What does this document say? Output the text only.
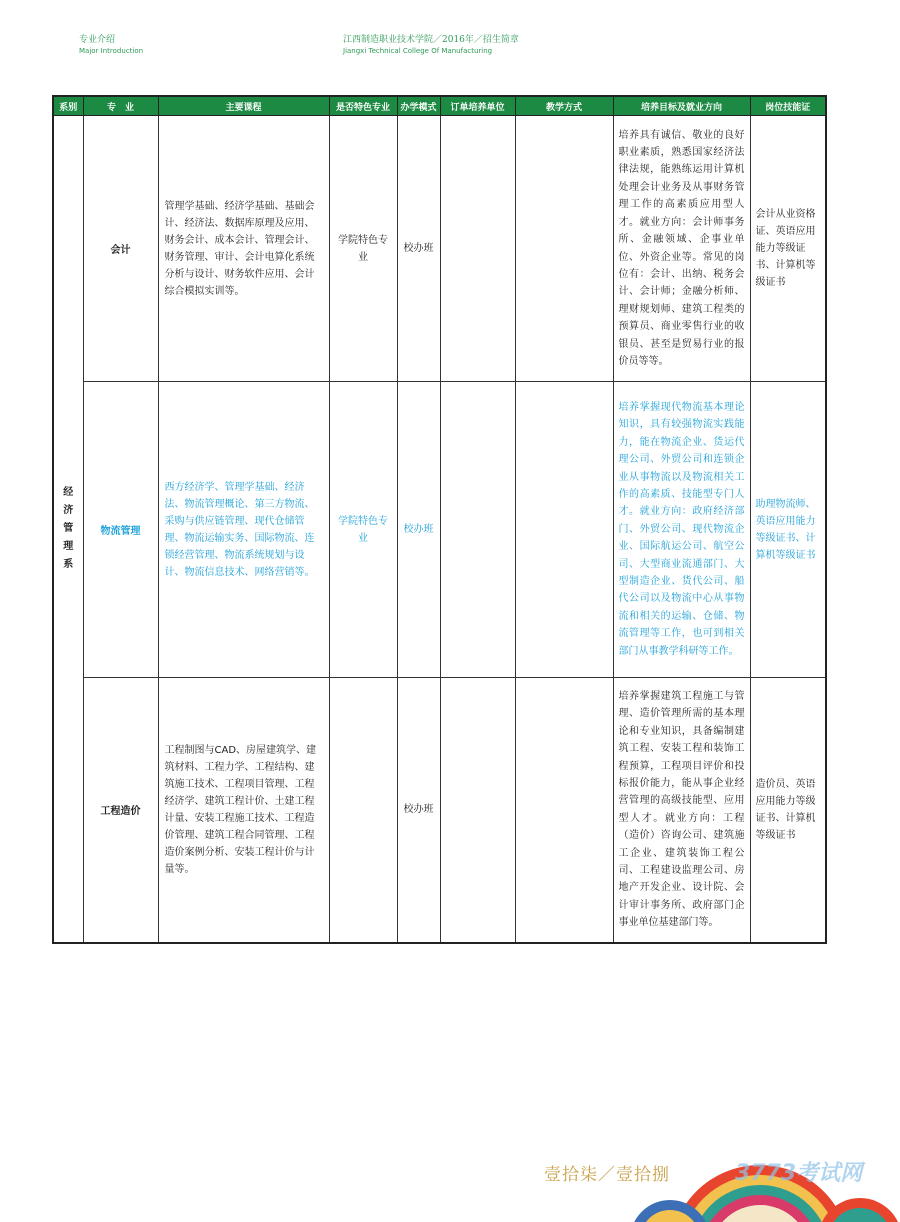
专业介绍
Major Introduction
江西制造职业技术学院／2016年／招生简章
Jiangxi Technical College Of Manufacturing
系别	专　业	主要课程	是否特色专业	办学模式	订单培养单位	教学方式	培养目标及就业方向	岗位技能证

经
济
管
理
系	会计	管理学基础、经济学基础、基础会计、经济法、数据库原理及应用、财务会计、成本会计、管理会计、财务管理、审计、会计电算化系统分析与设计、财务软件应用、会计综合模拟实训等。	学院特色专业	校办班			培养具有诚信、敬业的良好职业素质，熟悉国家经济法律法规，能熟练运用计算机处理会计业务及从事财务管理工作的高素质应用型人才。就业方向：会计师事务所、金融领域、企事业单位、外资企业等。常见的岗位有：会计、出纳、税务会计、会计师；金融分析师、理财规划师、建筑工程类的预算员、商业零售行业的收银员、甚至是贸易行业的报价员等等。	会计从业资格证、英语应用能力等级证书、计算机等级证书
	物流管理	西方经济学、管理学基础、经济法、物流管理概论、第三方物流、采购与供应链管理、现代仓储管理、物流运输实务、国际物流、连锁经营管理、物流系统规划与设计、物流信息技术、网络营销等。	学院特色专业	校办班			培养掌握现代物流基本理论知识，具有较强物流实践能力，能在物流企业、货运代理公司、外贸公司和连锁企业从事物流以及物流相关工作的高素质、技能型专门人才。就业方向：政府经济部门、外贸公司、现代物流企业、国际航运公司、航空公司、大型商业流通部门、大型制造企业、货代公司、船代公司以及物流中心从事物流和相关的运输、仓储、物流管理等工作，也可到相关部门从事教学科研等工作。	助理物流师、英语应用能力等级证书、计算机等级证书
	工程造价	工程制图与CAD、房屋建筑学、建筑材料、工程力学、工程结构、建筑施工技术、工程项目管理、工程经济学、建筑工程计价、土建工程计量、安装工程施工技术、工程造价管理、建筑工程合同管理、工程造价案例分析、安装工程计价与计量等。		校办班			培养掌握建筑工程施工与管理、造价管理所需的基本理论和专业知识，具备编制建筑工程、安装工程和装饰工程预算，工程项目评价和投标报价能力，能从事企业经营管理的高级技能型、应用型人才。就业方向：工程（造价）咨询公司、建筑施工企业、建筑装饰工程公司、工程建设监理公司、房地产开发企业、设计院、会计审计事务所、政府部门企事业单位基建部门等。	造价员、英语应用能力等级证书、计算机等级证书
壹拾柒／壹拾捌	3773考试网
